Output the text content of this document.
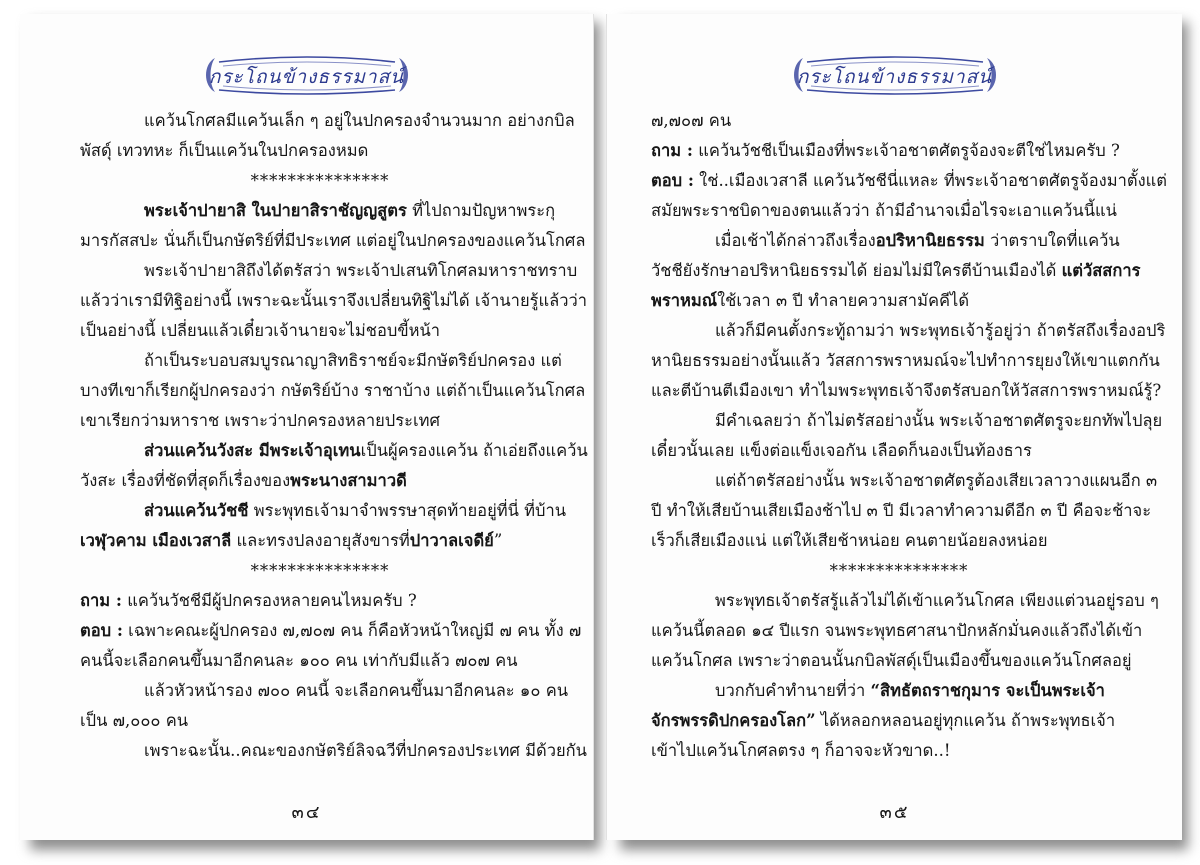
กระโถนข้างธรรมาสน์
แคว้นโกศลมีแคว้นเล็ก ๆ อยู่ในปกครองจำนวนมาก อย่างกบิล
พัสดุ์ เทวทหะ ก็เป็นแคว้นในปกครองหมด
***************
พระเจ้าปายาสิ ในปายาสิราชัญญสูตร ที่ไปถามปัญหาพระกุ
มารกัสสปะ นั่นก็เป็นกษัตริย์ที่มีประเทศ แต่อยู่ในปกครองของแคว้นโกศล
พระเจ้าปายาสิถึงได้ตรัสว่า พระเจ้าปเสนทิโกศลมหาราชทราบ
แล้วว่าเรามีทิฐิอย่างนี้ เพราะฉะนั้นเราจึงเปลี่ยนทิฐิไม่ได้ เจ้านายรู้แล้วว่า
เป็นอย่างนี้ เปลี่ยนแล้วเดี๋ยวเจ้านายจะไม่ชอบขี้หน้า
ถ้าเป็นระบอบสมบูรณาญาสิทธิราชย์จะมีกษัตริย์ปกครอง แต่
บางทีเขาก็เรียกผู้ปกครองว่า กษัตริย์บ้าง ราชาบ้าง แต่ถ้าเป็นแคว้นโกศล
เขาเรียกว่ามหาราช เพราะว่าปกครองหลายประเทศ
ส่วนแคว้นวังสะ มีพระเจ้าอุเทนเป็นผู้ครองแคว้น ถ้าเอ่ยถึงแคว้น
วังสะ เรื่องที่ชัดที่สุดก็เรื่องของพระนางสามาวดี
ส่วนแคว้นวัชชี พระพุทธเจ้ามาจำพรรษาสุดท้ายอยู่ที่นี่ ที่บ้าน
เวฬุวคาม เมืองเวสาลี และทรงปลงอายุสังขารที่ปาวาลเจดีย์”
***************
ถาม : แคว้นวัชชีมีผู้ปกครองหลายคนไหมครับ ?
ตอบ : เฉพาะคณะผู้ปกครอง ๗,๗๐๗ คน ก็คือหัวหน้าใหญ่มี ๗ คน ทั้ง ๗
คนนี้จะเลือกคนขึ้นมาอีกคนละ ๑๐๐ คน เท่ากับมีแล้ว ๗๐๗ คน
แล้วหัวหน้ารอง ๗๐๐ คนนี้ จะเลือกคนขึ้นมาอีกคนละ ๑๐ คน
เป็น ๗,๐๐๐ คน
เพราะฉะนั้น..คณะของกษัตริย์ลิจฉวีที่ปกครองประเทศ มีด้วยกัน
๓๔
กระโถนข้างธรรมาสน์
๗,๗๐๗ คน
ถาม : แคว้นวัชชีเป็นเมืองที่พระเจ้าอชาตศัตรูจ้องจะตีใช่ไหมครับ ?
ตอบ : ใช่..เมืองเวสาลี แคว้นวัชชีนี่แหละ ที่พระเจ้าอชาตศัตรูจ้องมาตั้งแต่
สมัยพระราชบิดาของตนแล้วว่า ถ้ามีอำนาจเมื่อไรจะเอาแคว้นนี้แน่
เมื่อเช้าได้กล่าวถึงเรื่องอปริหานิยธรรม ว่าตราบใดที่แคว้น
วัชชียังรักษาอปริหานิยธรรมได้ ย่อมไม่มีใครตีบ้านเมืองได้ แต่วัสสการ
พราหมณ์ใช้เวลา ๓ ปี ทำลายความสามัคคีได้
แล้วก็มีคนตั้งกระทู้ถามว่า พระพุทธเจ้ารู้อยู่ว่า ถ้าตรัสถึงเรื่องอปริ
หานิยธรรมอย่างนั้นแล้ว วัสสการพราหมณ์จะไปทำการยุยงให้เขาแตกกัน
และตีบ้านตีเมืองเขา ทำไมพระพุทธเจ้าจึงตรัสบอกให้วัสสการพราหมณ์รู้?
มีคำเฉลยว่า ถ้าไม่ตรัสอย่างนั้น พระเจ้าอชาตศัตรูจะยกทัพไปลุย
เดี๋ยวนั้นเลย แข็งต่อแข็งเจอกัน เลือดก็นองเป็นท้องธาร
แต่ถ้าตรัสอย่างนั้น พระเจ้าอชาตศัตรูต้องเสียเวลาวางแผนอีก ๓
ปี ทำให้เสียบ้านเสียเมืองช้าไป ๓ ปี มีเวลาทำความดีอีก ๓ ปี คือจะช้าจะ
เร็วก็เสียเมืองแน่ แต่ให้เสียช้าหน่อย คนตายน้อยลงหน่อย
***************
พระพุทธเจ้าตรัสรู้แล้วไม่ได้เข้าแคว้นโกศล เพียงแต่วนอยู่รอบ ๆ
แคว้นนี้ตลอด ๑๔ ปีแรก จนพระพุทธศาสนาปักหลักมั่นคงแล้วถึงได้เข้า
แคว้นโกศล เพราะว่าตอนนั้นกบิลพัสดุ์เป็นเมืองขึ้นของแคว้นโกศลอยู่
บวกกับคำทำนายที่ว่า “สิทธัตถราชกุมาร จะเป็นพระเจ้า
จักรพรรดิปกครองโลก” ได้หลอกหลอนอยู่ทุกแคว้น ถ้าพระพุทธเจ้า
เข้าไปแคว้นโกศลตรง ๆ ก็อาจจะหัวขาด..!
๓๕
